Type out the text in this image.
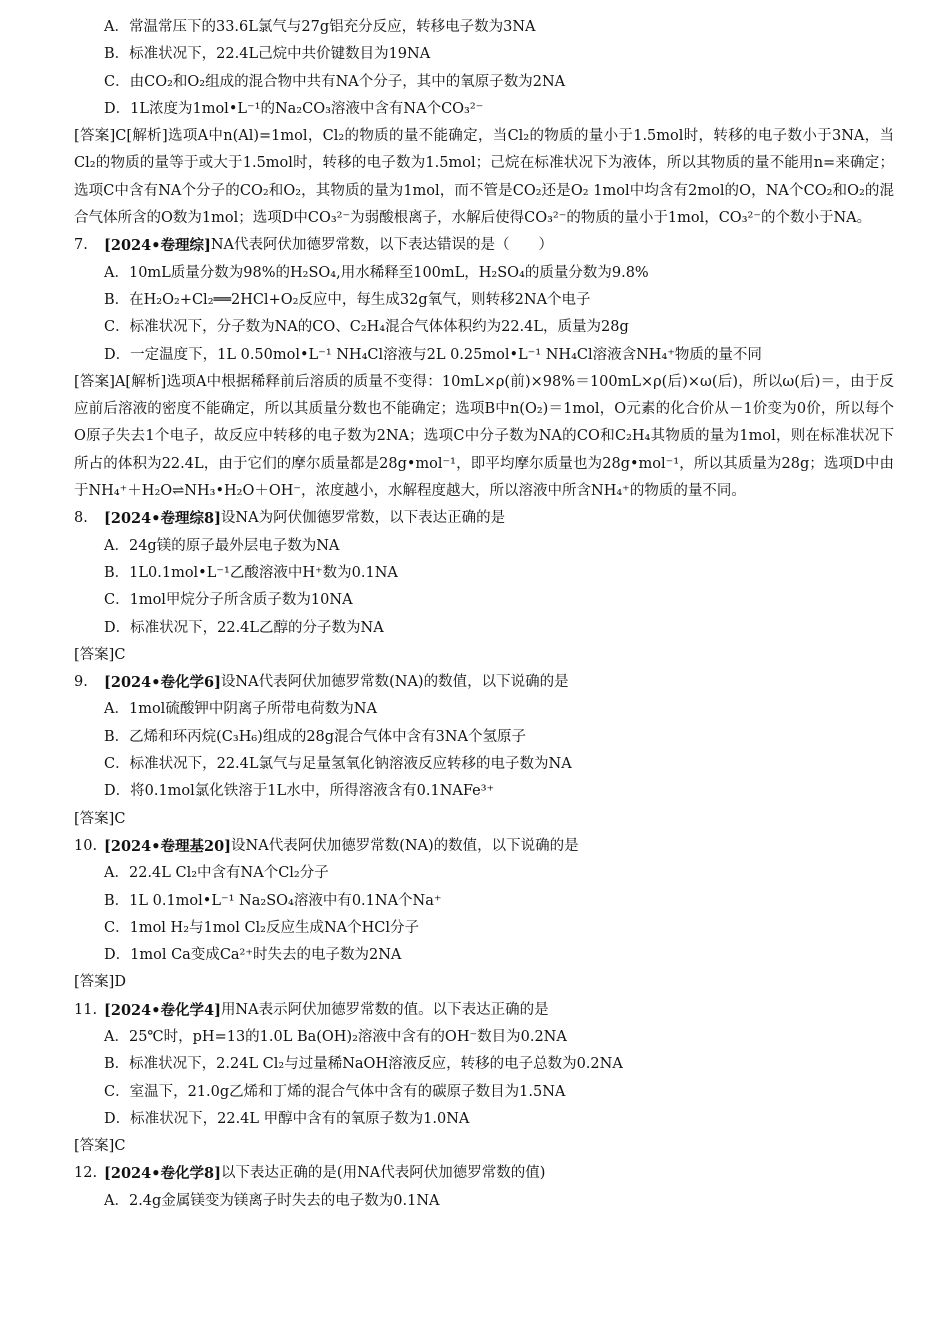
A．常温常压下的33.6L氯气与27g铝充分反应，转移电子数为3NA
B．标准状况下，22.4L己烷中共价键数目为19NA
C．由CO₂和O₂组成的混合物中共有NA个分子，其中的氧原子数为2NA
D．1L浓度为1mol•L⁻¹的Na₂CO₃溶液中含有NA个CO₃²⁻
[答案]C[解析]选项A中n(Al)=1mol，Cl₂的物质的量不能确定，当Cl₂的物质的量小于1.5mol时，转移的电子数小于3NA，当Cl₂的物质的量等于或大于1.5mol时，转移的电子数为1.5mol；己烷在标准状况下为液体，所以其物质的量不能用n=来确定；选项C中含有NA个分子的CO₂和O₂，其物质的量为1mol，而不管是CO₂还是O₂ 1mol中均含有2mol的O，NA个CO₂和O₂的混合气体所含的O数为1mol；选项D中CO₃²⁻为弱酸根离子，水解后使得CO₃²⁻的物质的量小于1mol，CO₃²⁻的个数小于NA。
7.	[2024•卷理综] NA代表阿伏加德罗常数，以下表达错误的是（　　）
A．10mL质量分数为98%的H₂SO₄,用水稀释至100mL，H₂SO₄的质量分数为9.8%
B．在H₂O₂+Cl₂══2HCl+O₂反应中，每生成32g氧气，则转移2NA个电子
C．标准状况下，分子数为NA的CO、C₂H₄混合气体体积约为22.4L，质量为28g
D．一定温度下，1L 0.50mol•L⁻¹ NH₄Cl溶液与2L 0.25mol•L⁻¹ NH₄Cl溶液含NH₄⁺物质的量不同
[答案]A[解析]选项A中根据稀释前后溶质的质量不变得：10mL×ρ(前)×98%＝100mL×ρ(后)×ω(后)，所以ω(后)＝，由于反应前后溶液的密度不能确定，所以其质量分数也不能确定；选项B中n(O₂)＝1mol，O元素的化合价从－1价变为0价，所以每个O原子失去1个电子，故反应中转移的电子数为2NA；选项C中分子数为NA的CO和C₂H₄其物质的量为1mol，则在标准状况下所占的体积为22.4L，由于它们的摩尔质量都是28g•mol⁻¹，即平均摩尔质量也为28g•mol⁻¹，所以其质量为28g；选项D中由于NH₄⁺＋H₂O⇌NH₃•H₂O＋OH⁻，浓度越小，水解程度越大，所以溶液中所含NH₄⁺的物质的量不同。
8.	[2024•卷理综8] 设NA为阿伏伽德罗常数，以下表达正确的是
A．24g镁的原子最外层电子数为NA
B．1L0.1mol•L⁻¹乙酸溶液中H⁺数为0.1NA
C．1mol甲烷分子所含质子数为10NA
D．标准状况下，22.4L乙醇的分子数为NA
[答案]C
9.	[2024•卷化学6] 设NA代表阿伏加德罗常数(NA)的数值，以下说确的是
A．1mol硫酸钾中阴离子所带电荷数为NA
B．乙烯和环丙烷(C₃H₆)组成的28g混合气体中含有3NA个氢原子
C．标准状况下，22.4L氯气与足量氢氧化钠溶液反应转移的电子数为NA
D．将0.1mol氯化铁溶于1L水中，所得溶液含有0.1NAFe³⁺
[答案]C
10. [2024•卷理基20] 设NA代表阿伏加德罗常数(NA)的数值，以下说确的是
A．22.4L Cl₂中含有NA个Cl₂分子
B．1L 0.1mol•L⁻¹ Na₂SO₄溶液中有0.1NA个Na⁺
C．1mol H₂与1mol Cl₂反应生成NA个HCl分子
D．1mol Ca变成Ca²⁺时失去的电子数为2NA
[答案]D
11. [2024•卷化学4] 用NA表示阿伏加德罗常数的值。以下表达正确的是
A．25℃时，pH=13的1.0L Ba(OH)₂溶液中含有的OH⁻数目为0.2NA
B．标准状况下，2.24L Cl₂与过量稀NaOH溶液反应，转移的电子总数为0.2NA
C．室温下，21.0g乙烯和丁烯的混合气体中含有的碳原子数目为1.5NA
D．标准状况下，22.4L 甲醇中含有的氧原子数为1.0NA
[答案]C
12. [2024•卷化学8] 以下表达正确的是(用NA代表阿伏加德罗常数的值)
A．2.4g金属镁变为镁离子时失去的电子数为0.1NA
